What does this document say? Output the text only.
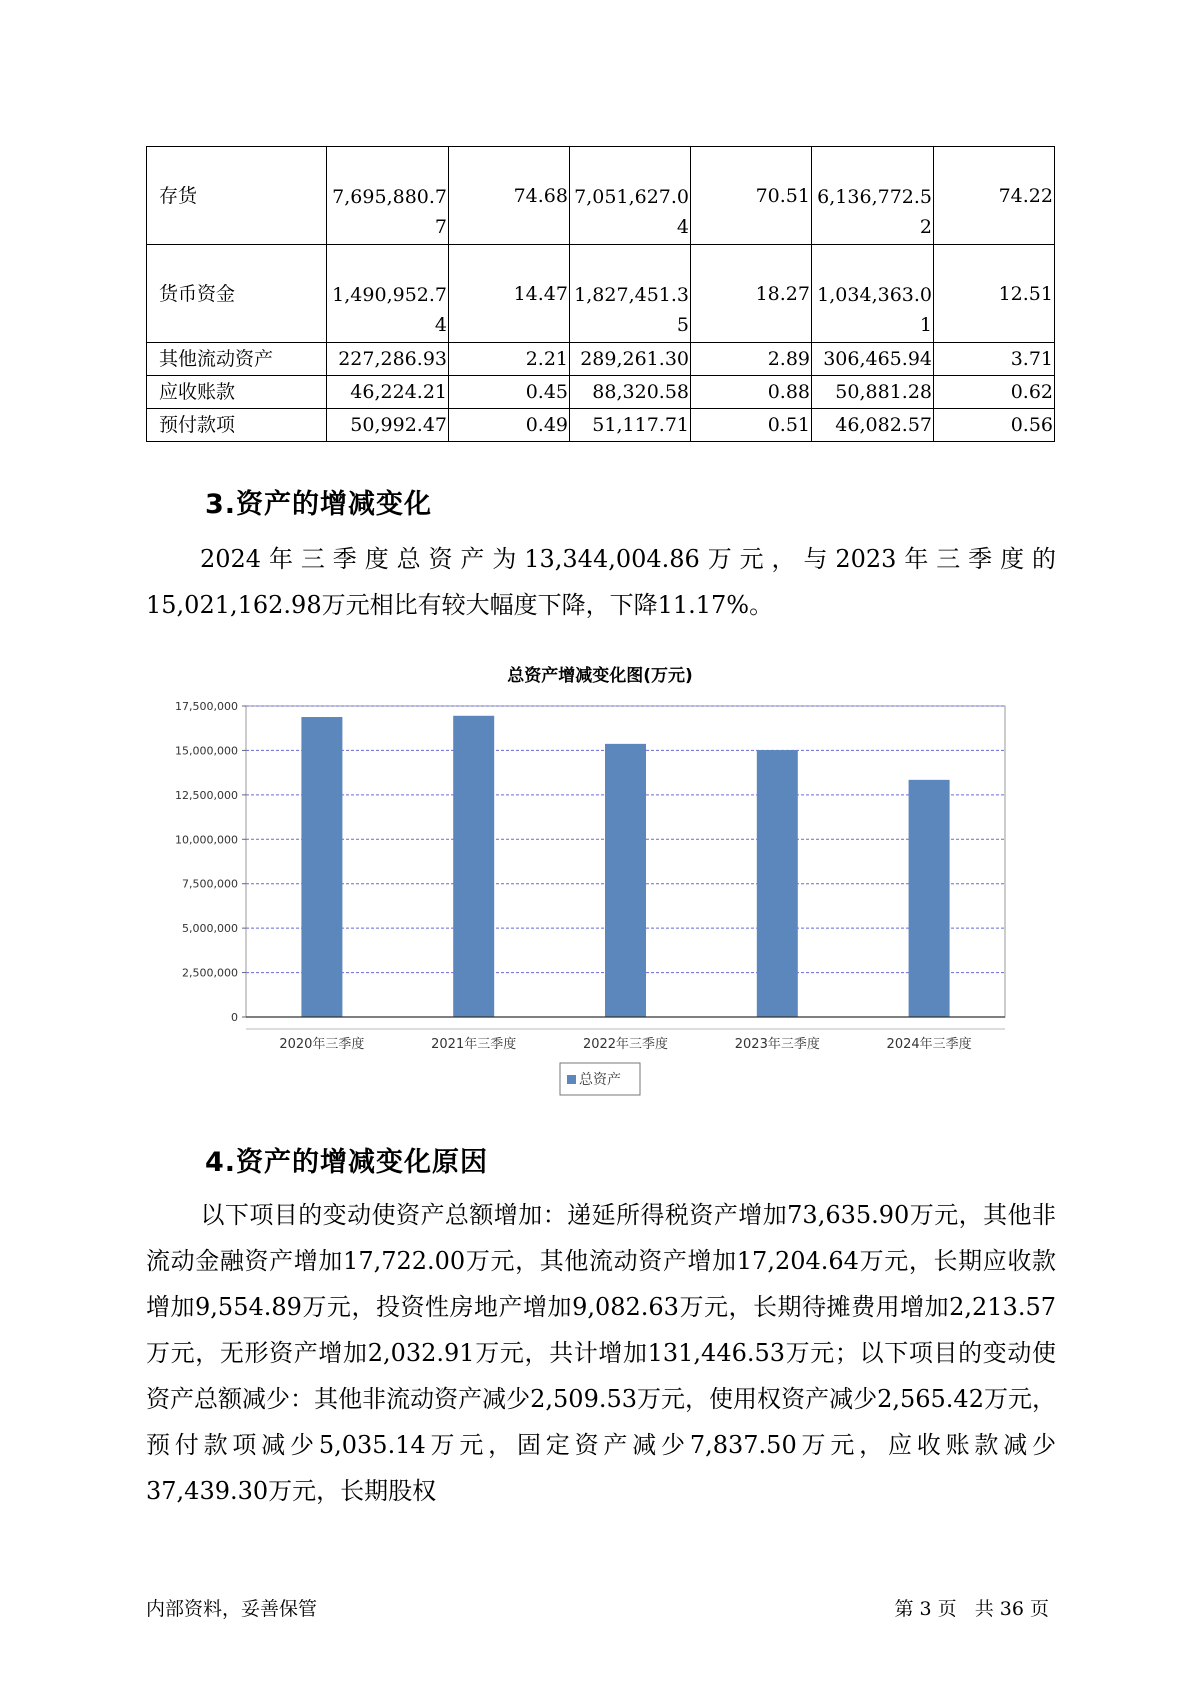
存货	7,695,880.77	74.68	7,051,627.04	70.51	6,136,772.52	74.22
货币资金	1,490,952.74	14.47	1,827,451.35	18.27	1,034,363.01	12.51
其他流动资产	227,286.93	2.21	289,261.30	2.89	306,465.94	3.71
应收账款	46,224.21	0.45	88,320.58	0.88	50,881.28	0.62
预付款项	50,992.47	0.49	51,117.71	0.51	46,082.57	0.56
3.资产的增减变化
2024年三季度总资产为13,344,004.86万元，与2023年三季度的15,021,162.98万元相比有较大幅度下降，下降11.17%。
总资产增减变化图(万元)
0
2,500,000
5,000,000
7,500,000
10,000,000
12,500,000
15,000,000
17,500,000
2020年三季度	2021年三季度	2022年三季度	2023年三季度	2024年三季度
总资产
4.资产的增减变化原因
以下项目的变动使资产总额增加：递延所得税资产增加73,635.90万元，其他非流动金融资产增加17,722.00万元，其他流动资产增加17,204.64万元，长期应收款增加9,554.89万元，投资性房地产增加9,082.63万元，长期待摊费用增加2,213.57万元，无形资产增加2,032.91万元，共计增加131,446.53万元；以下项目的变动使资产总额减少：其他非流动资产减少2,509.53万元，使用权资产减少2,565.42万元，预付款项减少5,035.14万元，固定资产减少7,837.50万元，应收账款减少37,439.30万元，长期股权
内部资料，妥善保管	第 3 页   共 36 页
